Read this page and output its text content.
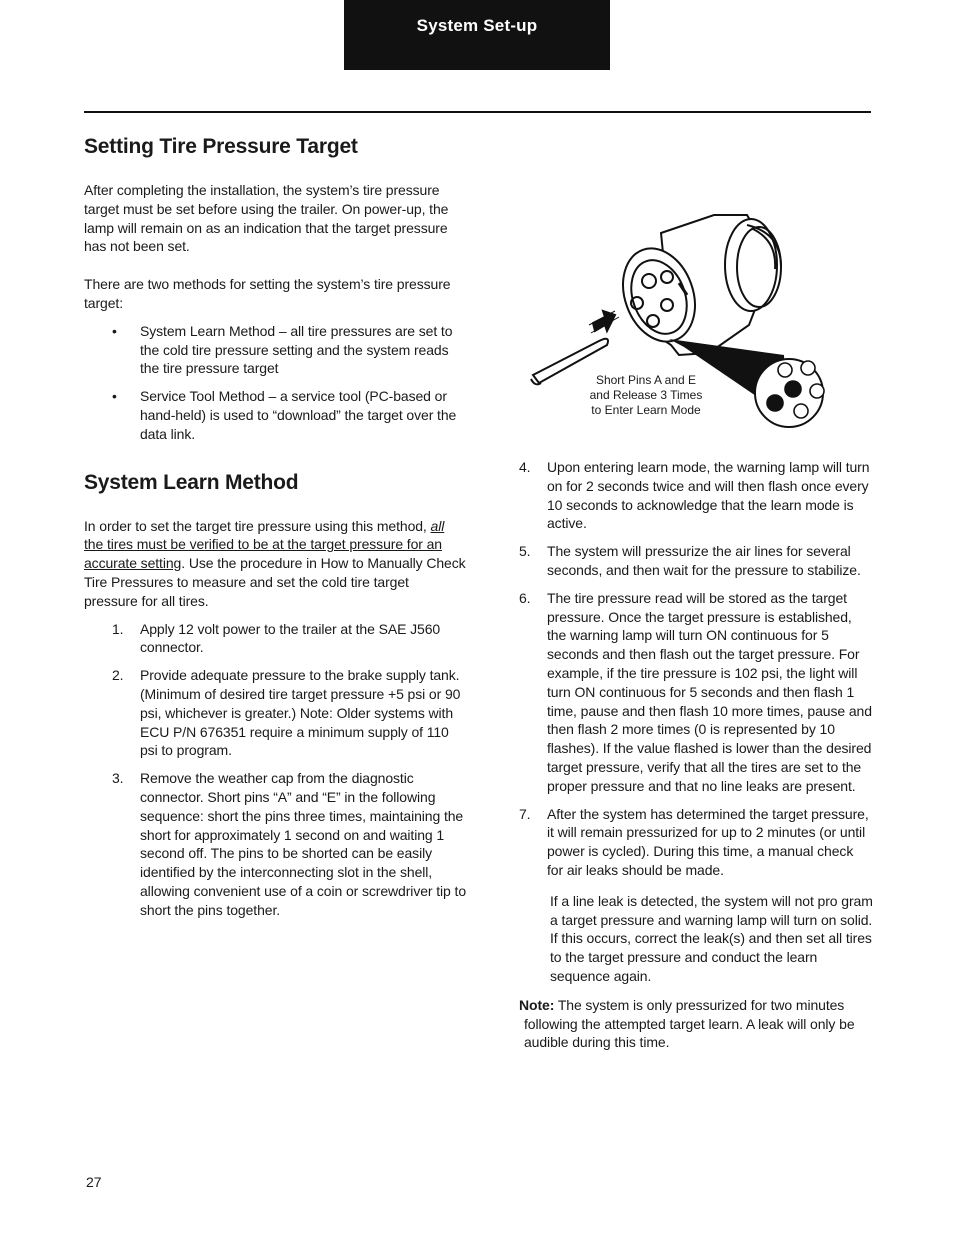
System Set-up
Setting Tire Pressure Target

After completing the installation, the system’s tire pressure target must be set before using the trailer. On power-up, the lamp will remain on as an indication that the target pressure has not been set.

There are two methods for setting the system’s tire pressure target:

• System Learn Method – all tire pressures are set to the cold tire pressure setting and the system reads the tire pressure target
• Service Tool Method – a service tool (PC-based or hand-held) is used to “download” the target over the data link.
System Learn Method

In order to set the target tire pressure using this method, all the tires must be verified to be at the target pressure for an accurate setting. Use the procedure in How to Manually Check Tire Pressures to measure and set the cold tire target pressure for all tires.

1. Apply 12 volt power to the trailer at the SAE J560 connector.
2. Provide adequate pressure to the brake supply tank. (Minimum of desired tire target pressure +5 psi or 90 psi, whichever is greater.) Note: Older systems with ECU P/N 676351 require a minimum supply of 110 psi to program.
3. Remove the weather cap from the diagnostic connector. Short pins “A” and “E” in the following sequence: short the pins three times, maintaining the short for approximately 1 second on and waiting 1 second off. The pins to be shorted can be easily identified by the interconnecting slot in the shell, allowing convenient use of a coin or screwdriver tip to short the pins together.
Short Pins A and E
and Release 3 Times
to Enter Learn Mode
4. Upon entering learn mode, the warning lamp will turn on for 2 seconds twice and will then flash once every 10 seconds to acknowledge that the learn mode is active.
5. The system will pressurize the air lines for several seconds, and then wait for the pressure to stabilize.
6. The tire pressure read will be stored as the target pressure. Once the target pressure is established, the warning lamp will turn ON continuous for 5 seconds and then flash out the target pressure. For example, if the tire pressure is 102 psi, the light will turn ON continuous for 5 seconds and then flash 1 time, pause and then flash 10 more times, pause and then flash 2 more times (0 is represented by 10 flashes). If the value flashed is lower than the desired target pressure, verify that all the tires are set to the proper pressure and that no line leaks are present.
7. After the system has determined the target pressure, it will remain pressurized for up to 2 minutes (or until power is cycled). During this time, a manual check for air leaks should be made.

If a line leak is detected, the system will not pro gram a target pressure and warning lamp will turn on solid. If this occurs, correct the leak(s) and then set all tires to the target pressure and conduct the learn sequence again.

Note: The system is only pressurized for two minutes following the attempted target learn. A leak will only be audible during this time.

27
